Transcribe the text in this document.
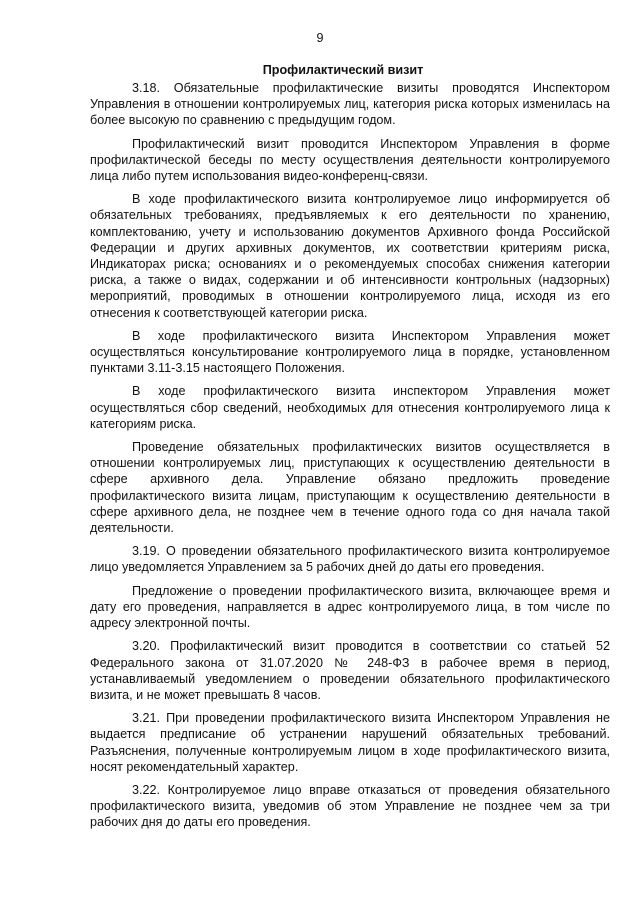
9
Профилактический визит

3.18. Обязательные профилактические визиты проводятся Инспектором Управления в отношении контролируемых лиц, категория риска которых изменилась на более высокую по сравнению с предыдущим годом.

Профилактический визит проводится Инспектором Управления в форме профилактической беседы по месту осуществления деятельности контролируемого лица либо путем использования видео-конференц-связи.

В ходе профилактического визита контролируемое лицо информируется об обязательных требованиях, предъявляемых к его деятельности по хранению, комплектованию, учету и использованию документов Архивного фонда Российской Федерации и других архивных документов, их соответствии критериям риска, Индикаторах риска; основаниях и о рекомендуемых способах снижения категории риска, а также о видах, содержании и об интенсивности контрольных (надзорных) мероприятий, проводимых в отношении контролируемого лица, исходя из его отнесения к соответствующей категории риска.

В ходе профилактического визита Инспектором Управления может осуществляться консультирование контролируемого лица в порядке, установленном пунктами 3.11-3.15 настоящего Положения.

В ходе профилактического визита инспектором Управления может осуществляться сбор сведений, необходимых для отнесения контролируемого лица к категориям риска.

Проведение обязательных профилактических визитов осуществляется в отношении контролируемых лиц, приступающих к осуществлению деятельности в сфере архивного дела. Управление обязано предложить проведение профилактического визита лицам, приступающим к осуществлению деятельности в сфере архивного дела, не позднее чем в течение одного года со дня начала такой деятельности.

3.19. О проведении обязательного профилактического визита контролируемое лицо уведомляется Управлением за 5 рабочих дней до даты его проведения.

Предложение о проведении профилактического визита, включающее время и дату его проведения, направляется в адрес контролируемого лица, в том числе по адресу электронной почты.

3.20. Профилактический визит проводится в соответствии со статьей 52 Федерального закона от 31.07.2020 № 248-ФЗ в рабочее время в период, устанавливаемый уведомлением о проведении обязательного профилактического визита, и не может превышать 8 часов.

3.21. При проведении профилактического визита Инспектором Управления не выдается предписание об устранении нарушений обязательных требований. Разъяснения, полученные контролируемым лицом в ходе профилактического визита, носят рекомендательный характер.

3.22. Контролируемое лицо вправе отказаться от проведения обязательного профилактического визита, уведомив об этом Управление не позднее чем за три рабочих дня до даты его проведения.
